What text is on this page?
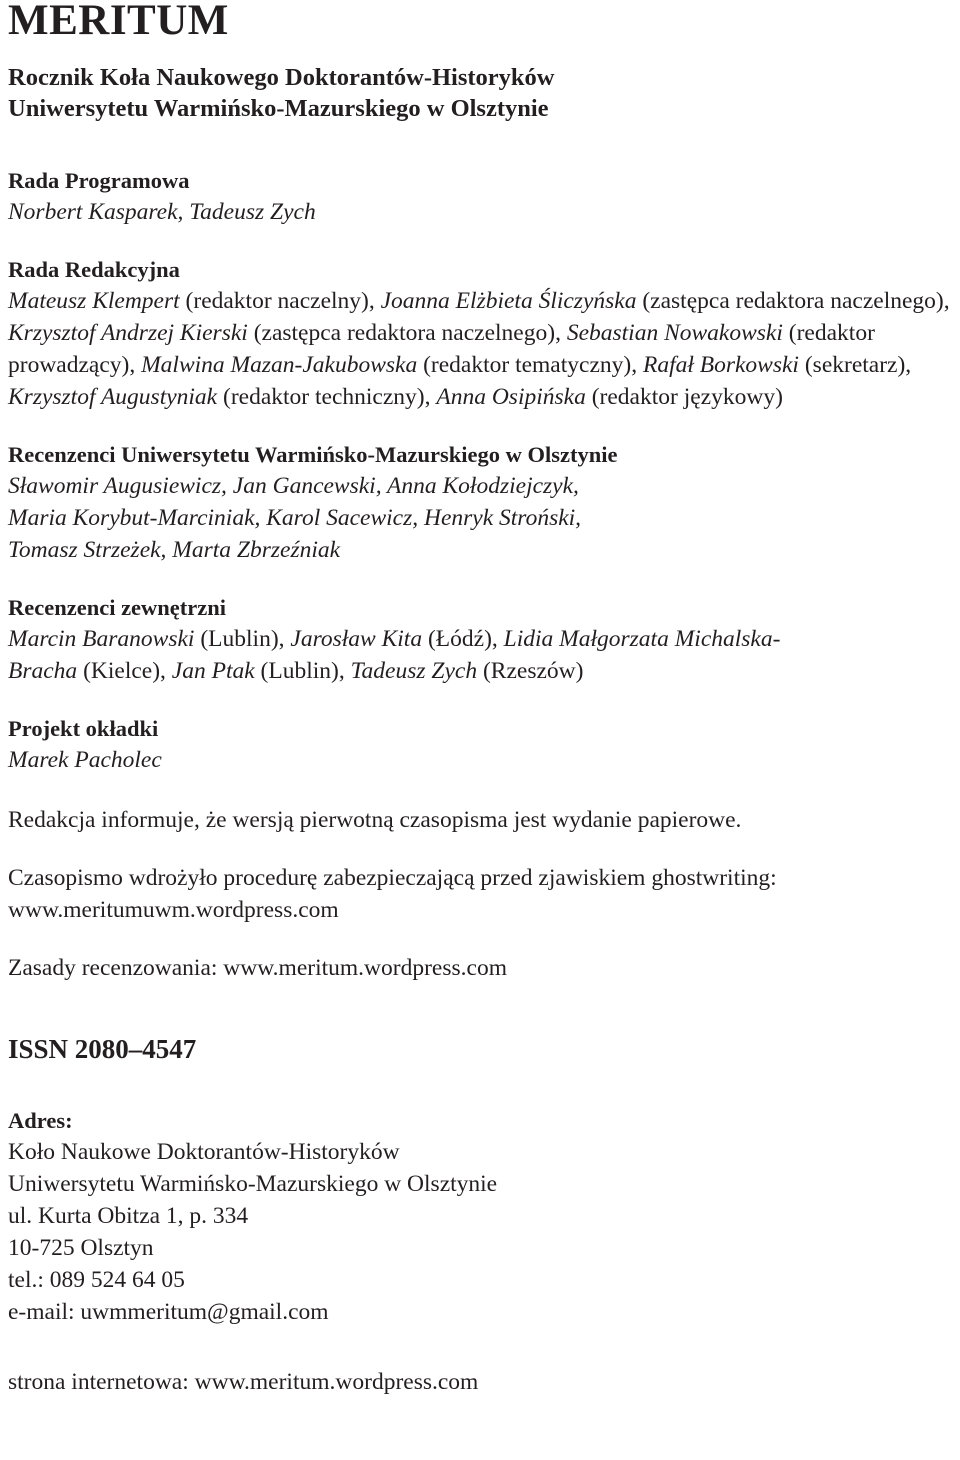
MERITUM
Rocznik Koła Naukowego Doktorantów-Historyków
Uniwersytetu Warmińsko-Mazurskiego w Olsztynie
Rada Programowa
Norbert Kasparek, Tadeusz Zych
Rada Redakcyjna
Mateusz Klempert (redaktor naczelny), Joanna Elżbieta Śliczyńska (zastępca redaktora naczelnego), Krzysztof Andrzej Kierski (zastępca redaktora naczelnego), Sebastian Nowakowski (redaktor prowadzący), Malwina Mazan-Jakubowska (redaktor tematyczny), Rafał Borkowski (sekretarz), Krzysztof Augustyniak (redaktor techniczny), Anna Osipińska (redaktor językowy)
Recenzenci Uniwersytetu Warmińsko-Mazurskiego w Olsztynie
Sławomir Augusiewicz, Jan Gancewski, Anna Kołodziejczyk,
Maria Korybut-Marciniak, Karol Sacewicz, Henryk Stroński,
Tomasz Strzeżek, Marta Zbrzeźniak
Recenzenci zewnętrzni
Marcin Baranowski (Lublin), Jarosław Kita (Łódź), Lidia Małgorzata Michalska-Bracha (Kielce), Jan Ptak (Lublin), Tadeusz Zych (Rzeszów)
Projekt okładki
Marek Pacholec

Redakcja informuje, że wersją pierwotną czasopisma jest wydanie papierowe.

Czasopismo wdrożyło procedurę zabezpieczającą przed zjawiskiem ghostwriting:
www.meritumuwm.wordpress.com

Zasady recenzowania: www.meritum.wordpress.com

ISSN 2080–4547

Adres:
Koło Naukowe Doktorantów-Historyków
Uniwersytetu Warmińsko-Mazurskiego w Olsztynie
ul. Kurta Obitza 1, p. 334
10-725 Olsztyn
tel.: 089 524 64 05
e-mail: uwmmeritum@gmail.com

strona internetowa: www.meritum.wordpress.com
